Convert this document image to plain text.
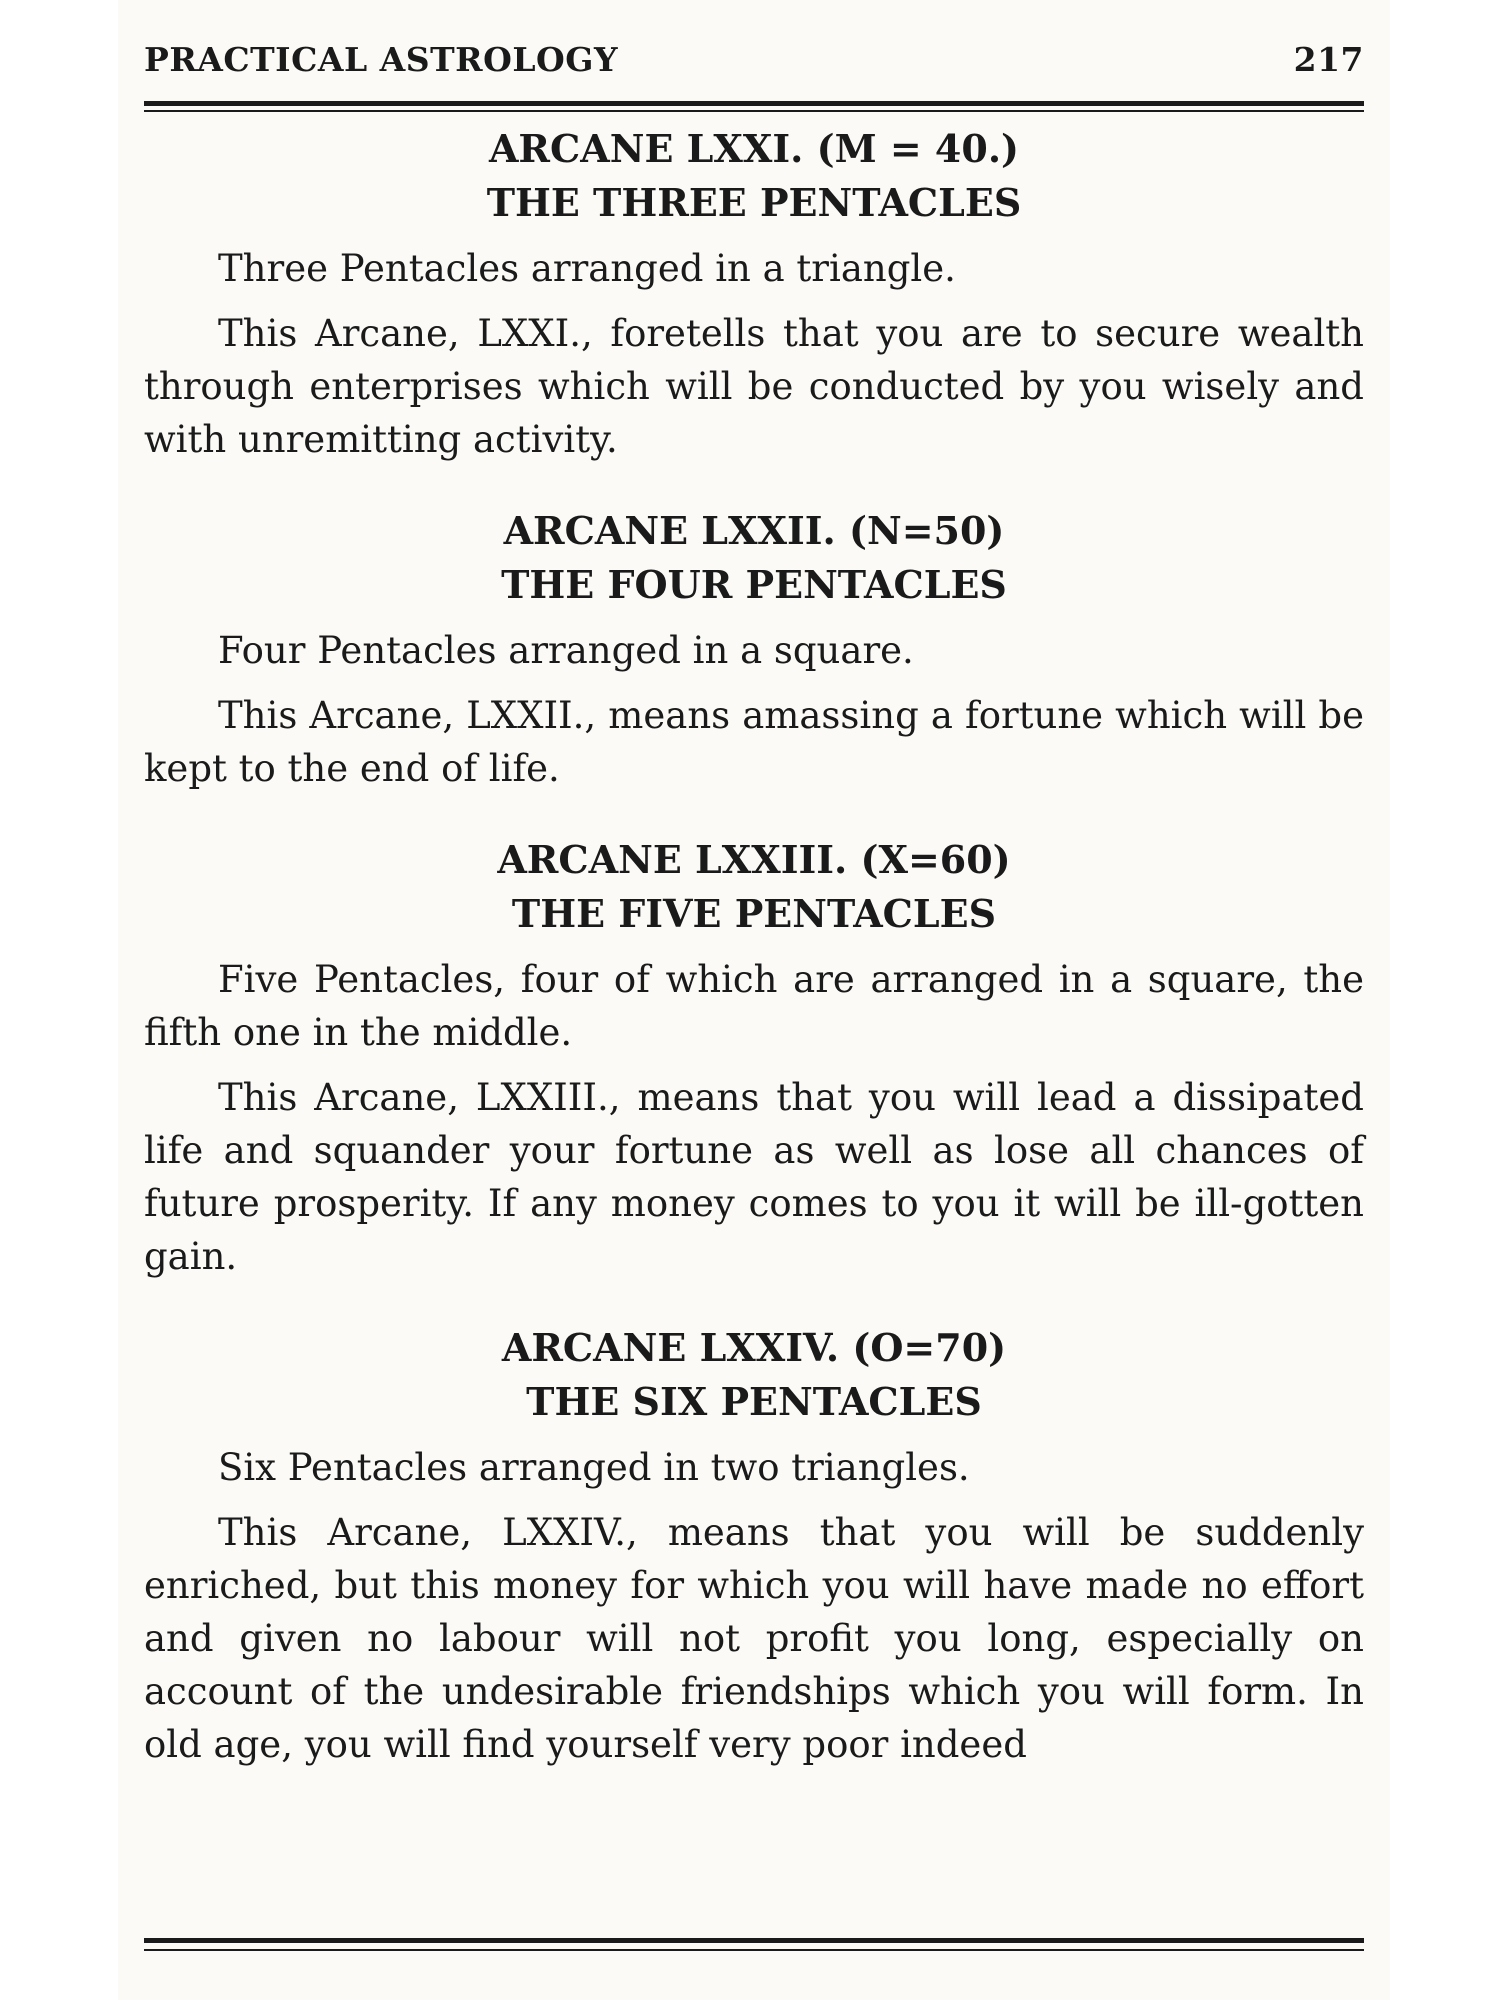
PRACTICAL ASTROLOGY	217

ARCANE LXXI. (M = 40.)

THE THREE PENTACLES

Three Pentacles arranged in a triangle.

This Arcane, LXXI., foretells that you are to secure wealth through enterprises which will be conducted by you wisely and with unremitting activity.

ARCANE LXXII. (N=50)

THE FOUR PENTACLES

Four Pentacles arranged in a square.

This Arcane, LXXII., means amassing a fortune which will be kept to the end of life.

ARCANE LXXIII. (X=60)

THE FIVE PENTACLES

Five Pentacles, four of which are arranged in a square, the fifth one in the middle.

This Arcane, LXXIII., means that you will lead a dissipated life and squander your fortune as well as lose all chances of future prosperity. If any money comes to you it will be ill-gotten gain.

ARCANE LXXIV. (O=70)

THE SIX PENTACLES

Six Pentacles arranged in two triangles.

This Arcane, LXXIV., means that you will be suddenly enriched, but this money for which you will have made no effort and given no labour will not profit you long, especially on account of the undesirable friendships which you will form. In old age, you will find yourself very poor indeed
